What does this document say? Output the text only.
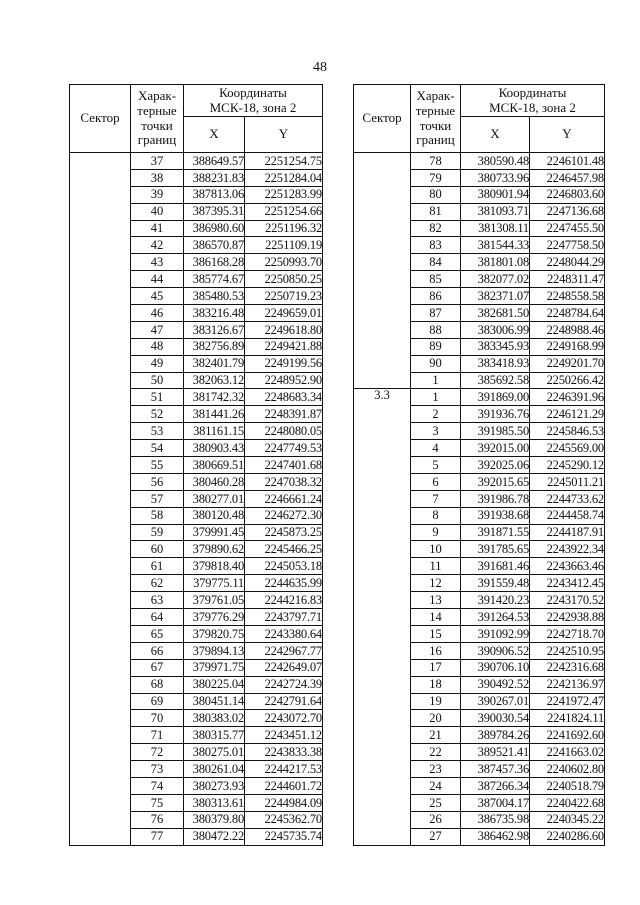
48
Сектор	Харак-
терные
точки
границ	Координаты
МСК-18, зона 2	
		X	Y
	37	388649.57	2251254.75
	38	388231.83	2251284.04
	39	387813.06	2251283.99
	40	387395.31	2251254.66
	41	386980.60	2251196.32
	42	386570.87	2251109.19
	43	386168.28	2250993.70
	44	385774.67	2250850.25
	45	385480.53	2250719.23
	46	383216.48	2249659.01
	47	383126.67	2249618.80
	48	382756.89	2249421.88
	49	382401.79	2249199.56
	50	382063.12	2248952.90
	51	381742.32	2248683.34
	52	381441.26	2248391.87
	53	381161.15	2248080.05
	54	380903.43	2247749.53
	55	380669.51	2247401.68
	56	380460.28	2247038.32
	57	380277.01	2246661.24
	58	380120.48	2246272.30
	59	379991.45	2245873.25
	60	379890.62	2245466.25
	61	379818.40	2245053.18
	62	379775.11	2244635.99
	63	379761.05	2244216.83
	64	379776.29	2243797.71
	65	379820.75	2243380.64
	66	379894.13	2242967.77
	67	379971.75	2242649.07
	68	380225.04	2242724.39
	69	380451.14	2242791.64
	70	380383.02	2243072.70
	71	380315.77	2243451.12
	72	380275.01	2243833.38
	73	380261.04	2244217.53
	74	380273.93	2244601.72
	75	380313.61	2244984.09
	76	380379.80	2245362.70
	77	380472.22	2245735.74
Сектор	Харак-
терные
точки
границ	Координаты
МСК-18, зона 2	
		X	Y
	78	380590.48	2246101.48
	79	380733.96	2246457.98
	80	380901.94	2246803.60
	81	381093.71	2247136.68
	82	381308.11	2247455.50
	83	381544.33	2247758.50
	84	381801.08	2248044.29
	85	382077.02	2248311.47
	86	382371.07	2248558.58
	87	382681.50	2248784.64
	88	383006.99	2248988.46
	89	383345.93	2249168.99
	90	383418.93	2249201.70
	1	385692.58	2250266.42
3.3	1	391869.00	2246391.96
	2	391936.76	2246121.29
	3	391985.50	2245846.53
	4	392015.00	2245569.00
	5	392025.06	2245290.12
	6	392015.65	2245011.21
	7	391986.78	2244733.62
	8	391938.68	2244458.74
	9	391871.55	2244187.91
	10	391785.65	2243922.34
	11	391681.46	2243663.46
	12	391559.48	2243412.45
	13	391420.23	2243170.52
	14	391264.53	2242938.88
	15	391092.99	2242718.70
	16	390906.52	2242510.95
	17	390706.10	2242316.68
	18	390492.52	2242136.97
	19	390267.01	2241972.47
	20	390030.54	2241824.11
	21	389784.26	2241692.60
	22	389521.41	2241663.02
	23	387457.36	2240602.80
	24	387266.34	2240518.79
	25	387004.17	2240422.68
	26	386735.98	2240345.22
	27	386462.98	2240286.60
